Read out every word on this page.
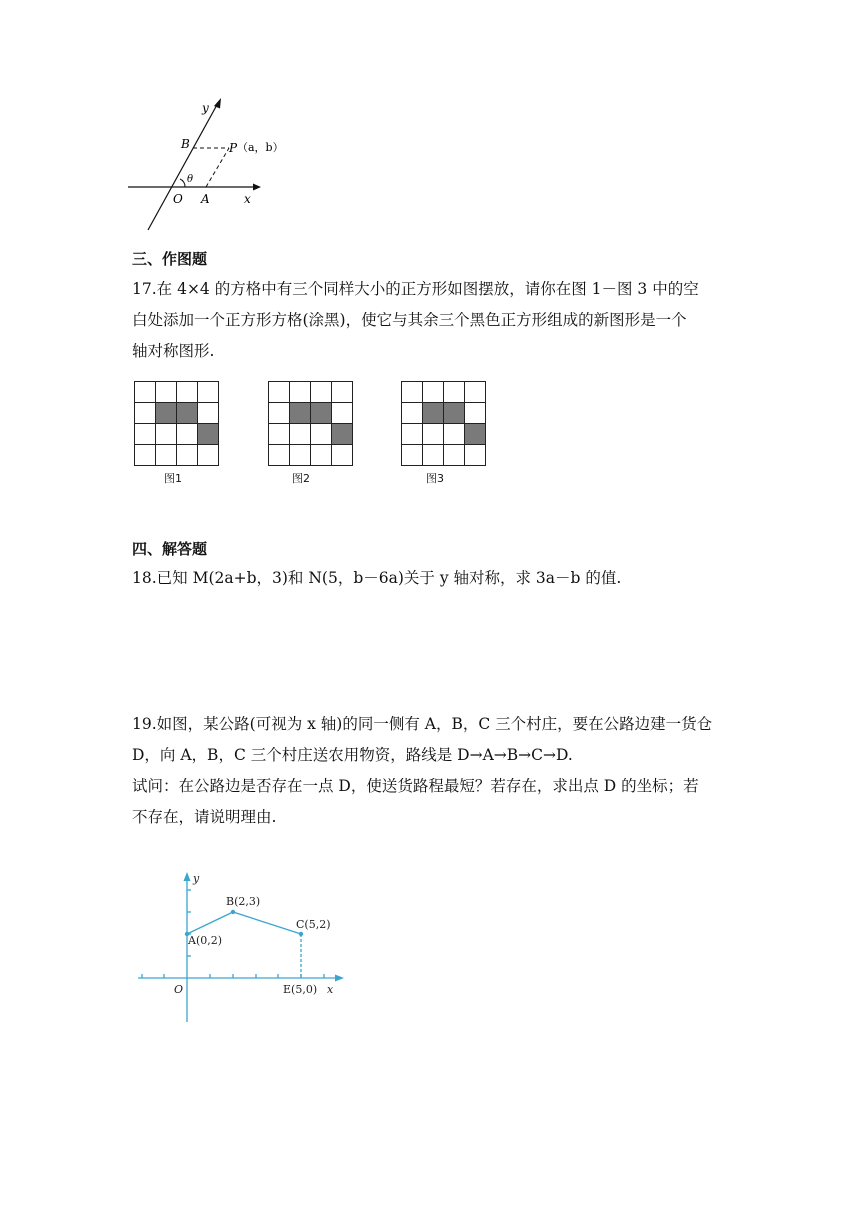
y
B	P （a，b）
θ
O A	x
三、作图题
17.在 4×4 的方格中有三个同样大小的正方形如图摆放，请你在图 1－图 3 中的空
白处添加一个正方形方格(涂黑)，使它与其余三个黑色正方形组成的新图形是一个
轴对称图形.
图1	图2	图3
四、解答题
18.已知 M(2a+b，3)和 N(5，b－6a)关于 y 轴对称，求 3a－b 的值.
19.如图，某公路(可视为 x 轴)的同一侧有 A，B，C 三个村庄，要在公路边建一货仓
D，向 A，B，C 三个村庄送农用物资，路线是 D→A→B→C→D.
试问：在公路边是否存在一点 D，使送货路程最短？若存在，求出点 D 的坐标；若
不存在，请说明理由.
y
x
O
A(0,2)
B(2,3)
C(5,2)
E(5,0)
